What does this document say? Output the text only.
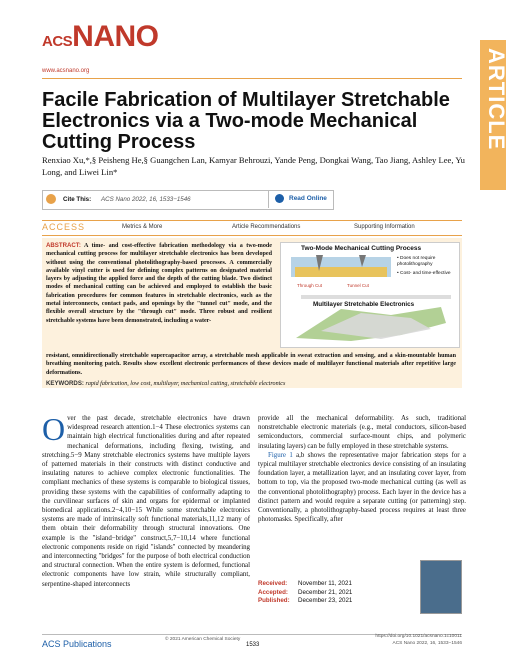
ACSNANO
www.acsnano.org	ARTICLE
Facile Fabrication of Multilayer Stretchable Electronics via a Two-mode Mechanical Cutting Process
Renxiao Xu,*,§ Peisheng He,§ Guangchen Lan, Kamyar Behrouzi, Yande Peng, Dongkai Wang, Tao Jiang, Ashley Lee, Yu Long, and Liwei Lin*
Cite This: ACS Nano 2022, 16, 1533−1546	Read Online
ACCESS	Metrics & More	Article Recommendations	Supporting Information
ABSTRACT: A time- and cost-effective fabrication methodology via a two-mode mechanical cutting process for multilayer stretchable electronics has been developed without using the conventional photolithography-based processes. A commercially available vinyl cutter is used for defining complex patterns on designated material layers by adjusting the applied force and the depth of the cutting blade. Two distinct modes of mechanical cutting can be achieved and employed to establish the basic fabrication procedures for common features in stretchable electronics, such as the metal interconnects, contact pads, and openings by the "tunnel cut" mode, and the flexible overall structure by the "through cut" mode. Three robust and resilient stretchable systems have been demonstrated, including a water-
resistant, omnidirectionally stretchable supercapacitor array, a stretchable mesh applicable in sweat extraction and sensing, and a skin-mountable human breathing monitoring patch. Results show excellent electronic performances of these devices made of multilayer functional materials after repetitive large deformations.
KEYWORDS: rapid fabrication, low cost, multilayer, mechanical cutting, stretchable electronics
Two-Mode Mechanical Cutting Process
Through Cut	Tunnel Cut
• Does not require photolithography
• Cost- and time-effective
Multilayer Stretchable Electronics
Over the past decade, stretchable electronics have drawn widespread research attention.1−4 These electronics systems can maintain high electrical functionalities during and after repeated mechanical deformations, including flexing, twisting, and stretching.5−9 Many stretchable electronics systems have multiple layers of patterned materials in their constructs with distinct conductive and insulating natures to achieve complex electronic functionalities. The compliant mechanics of these systems is comparable to biological tissues, providing these systems with the capabilities of conformally adapting to the curvilinear surfaces of skin and organs for epidermal or implanted biomedical applications.2−4,10−15 While some stretchable electronics systems are made of intrinsically soft functional materials,11,12 many of them obtain their deformability through structural innovations. One example is the "island−bridge" construct,5,7−10,14 where functional electronic components reside on rigid "islands" connected by meandering and interconnecting "bridges" for the purpose of both electrical conduction and structural connection. When the entire system is deformed, functional electronic components have low strain, while structurally compliant, serpentine-shaped interconnects
provide all the mechanical deformability. As such, traditional nonstretchable electronic materials (e.g., metal conductors, silicon-based semiconductors, commercial surface-mount chips, and polymeric insulating layers) can be fully employed in these stretchable systems.
Figure 1 a,b shows the representative major fabrication steps for a typical multilayer stretchable electronics device consisting of an insulating foundation layer, a metallization layer, and an insulating cover layer, from bottom to top, via the proposed two-mode mechanical cutting (as well as the conventional photolithography) process. Each layer in the device has a distinct pattern and would require a separate cutting (or patterning) step. Conventionally, a photolithography-based process requires at least three photomasks. Specifically, after
Received: November 11, 2021
Accepted: December 21, 2021
Published: December 23, 2021
ACS Publications	© 2021 American Chemical Society
1533
https://doi.org/10.1021/acsnano.1c10011
ACS Nano 2022, 16, 1533−1546
